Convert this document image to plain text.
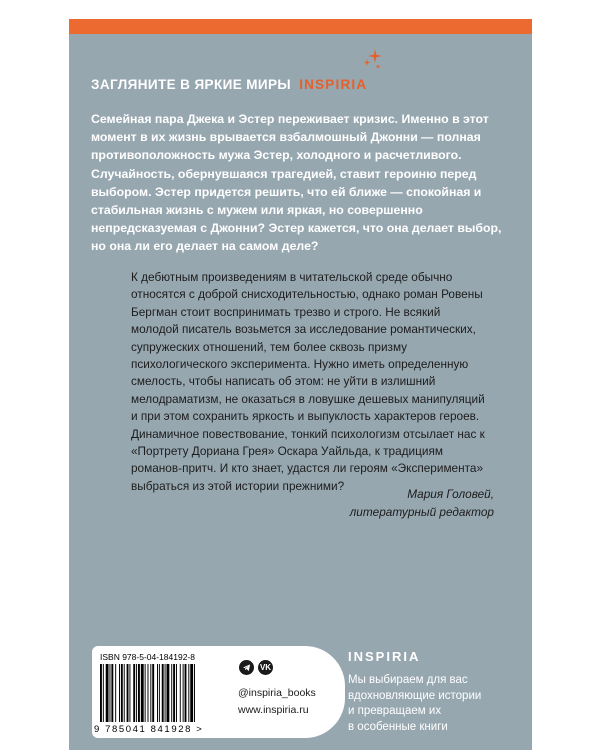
ЗАГЛЯНИТЕ В ЯРКИЕ МИРЫ INSPIRIA
Семейная пара Джека и Эстер переживает кризис. Именно в этот момент в их жизнь врывается взбалмошный Джонни — полная противоположность мужа Эстер, холодного и расчетливого. Случайность, обернувшаяся трагедией, ставит героиню перед выбором. Эстер придется решить, что ей ближе — спокойная и стабильная жизнь с мужем или яркая, но совершенно непредсказуемая с Джонни? Эстер кажется, что она делает выбор, но она ли его делает на самом деле?
К дебютным произведениям в читательской среде обычно относятся с доброй снисходительностью, однако роман Ровены Бергман стоит воспринимать трезво и строго. Не всякий молодой писатель возьмется за исследование романтических, супружеских отношений, тем более сквозь призму психологического эксперимента. Нужно иметь определенную смелость, чтобы написать об этом: не уйти в излишний мелодраматизм, не оказаться в ловушке дешевых манипуляций и при этом сохранить яркость и выпуклость характеров героев. Динамичное повествование, тонкий психологизм отсылает нас к «Портрету Дориана Грея» Оскара Уайльда, к традициям романов-притч. И кто знает, удастся ли героям «Эксперимента» выбраться из этой истории прежними?
Мария Головей,
литературный редактор
ISBN 978-5-04-184192-8
9 785041 841928 >
VK
@inspiria_books
www.inspiria.ru
INSPIRIA
Мы выбираем для вас
вдохновляющие истории
и превращаем их
в особенные книги
